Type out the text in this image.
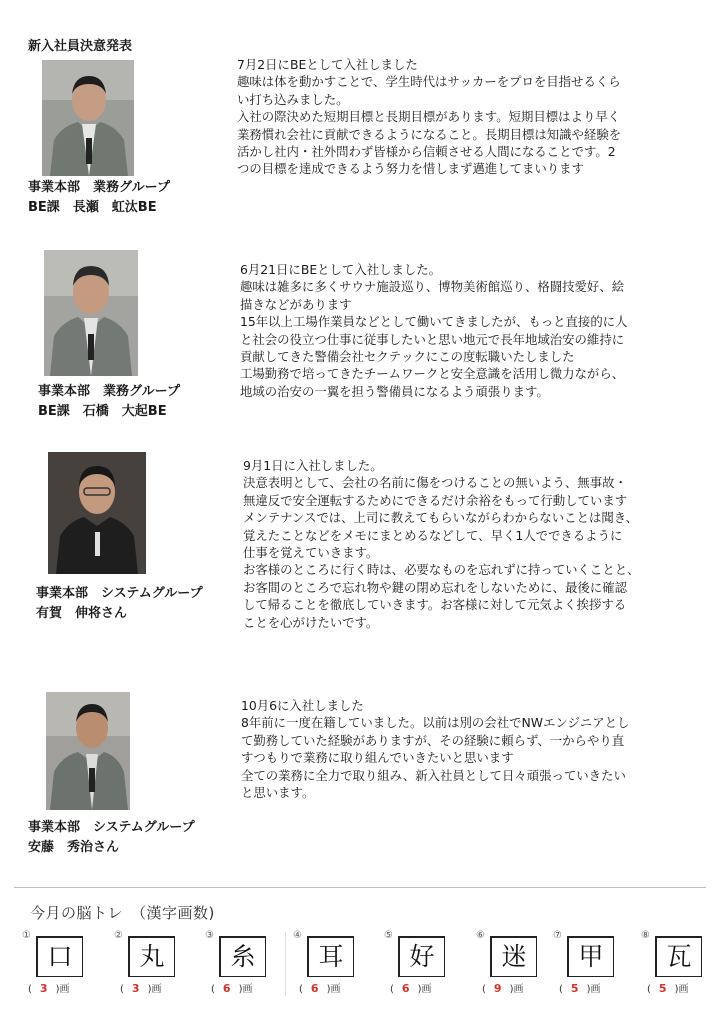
新入社員決意発表
事業本部　業務グループ
BE課　長瀬　虹汰BE
7月2日にBEとして入社しました
趣味は体を動かすことで、学生時代はサッカーをプロを目指せるくら
い打ち込みました。
入社の際決めた短期目標と長期目標があります。短期目標はより早く
業務慣れ会社に貢献できるようになること。長期目標は知識や経験を
活かし社内・社外問わず皆様から信頼させる人間になることです。2
つの目標を達成できるよう努力を惜しまず邁進してまいります
事業本部　業務グループ
BE課　石橋　大起BE
6月21日にBEとして入社しました。
趣味は雑多に多くサウナ施設巡り、博物美術館巡り、格闘技愛好、絵
描きなどがあります
15年以上工場作業員などとして働いてきましたが、もっと直接的に人
と社会の役立つ仕事に従事したいと思い地元で長年地域治安の維持に
貢献してきた警備会社セクテックにこの度転職いたしました
工場勤務で培ってきたチームワークと安全意識を活用し微力ながら、
地域の治安の一翼を担う警備員になるよう頑張ります。
事業本部　システムグループ
有賀　伸将さん
9月1日に入社しました。
決意表明として、会社の名前に傷をつけることの無いよう、無事故・
無違反で安全運転するためにできるだけ余裕をもって行動しています
メンテナンスでは、上司に教えてもらいながらわからないことは聞き、
覚えたことなどをメモにまとめるなどして、早く1人でできるように
仕事を覚えていきます。
お客様のところに行く時は、必要なものを忘れずに持っていくことと、
お客間のところで忘れ物や鍵の閉め忘れをしないために、最後に確認
して帰ることを徹底していきます。お客様に対して元気よく挨拶する
ことを心がけたいです。
事業本部　システムグループ
安藤　秀治さん
10月6に入社しました
8年前に一度在籍していました。以前は別の会社でNWエンジニアとし
て勤務していた経験がありますが、その経験に頼らず、一からやり直
すつもりで業務に取り組んでいきたいと思います
全ての業務に全力で取り組み、新入社員として日々頑張っていきたい
と思います。
今月の脳トレ　（漢字画数)
①
口
( 3 )画
②
丸
( 3 )画
③
糸
( 6 )画
④
耳
( 6 )画
⑤
好
( 6 )画
⑥
迷
( 9 )画
⑦
甲
( 5 )画
⑧
瓦
( 5 )画
